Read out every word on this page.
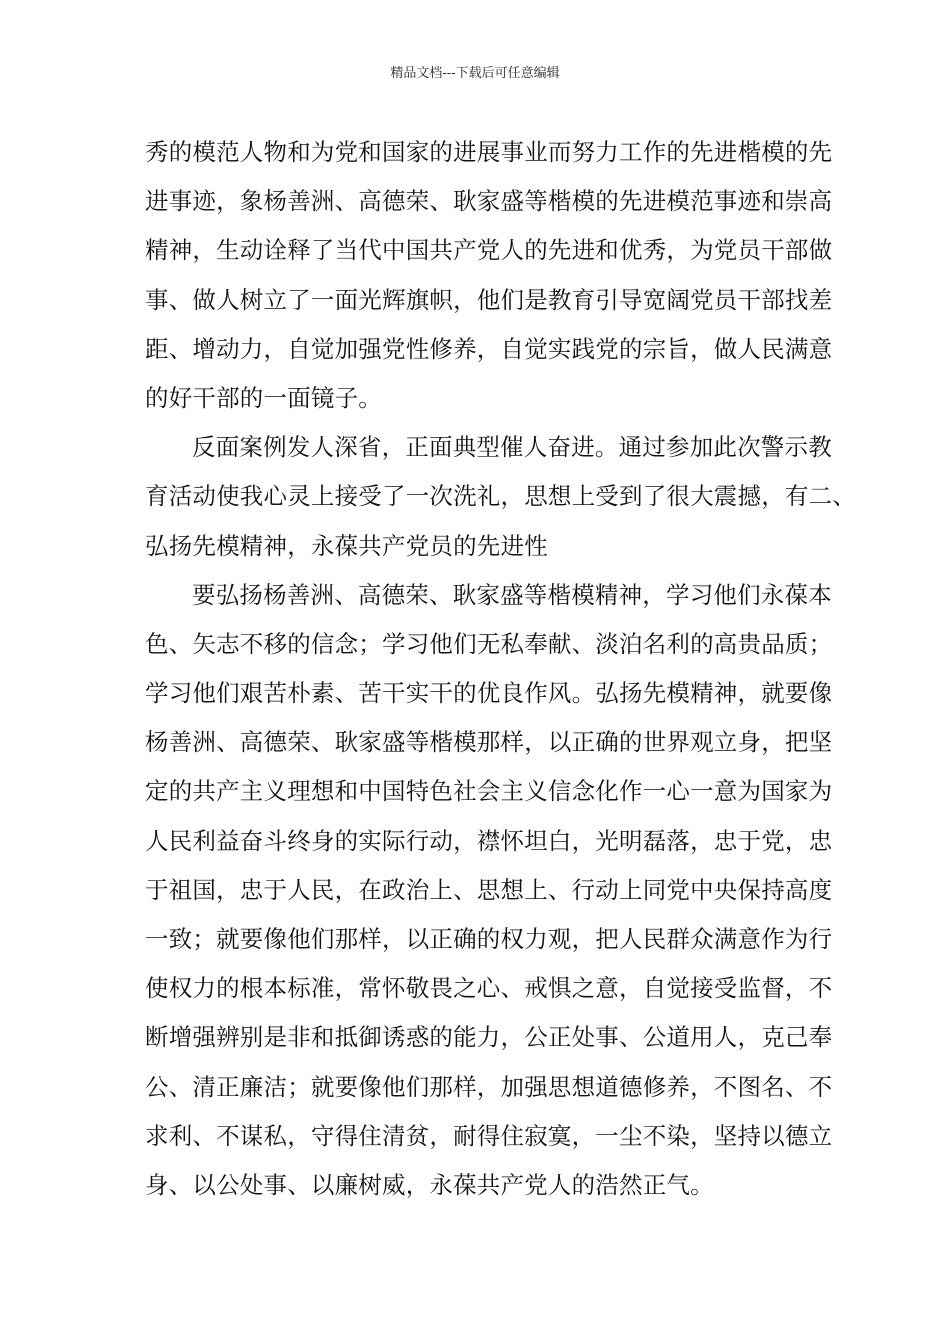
精品文档---下载后可任意编辑
秀的模范人物和为党和国家的进展事业而努力工作的先进楷模的先
进事迹，象杨善洲、高德荣、耿家盛等楷模的先进模范事迹和崇高
精神，生动诠释了当代中国共产党人的先进和优秀，为党员干部做
事、做人树立了一面光辉旗帜，他们是教育引导宽阔党员干部找差
距、增动力，自觉加强党性修养，自觉实践党的宗旨，做人民满意
的好干部的一面镜子。
反面案例发人深省，正面典型催人奋进。通过参加此次警示教
育活动使我心灵上接受了一次洗礼，思想上受到了很大震撼，有二、
弘扬先模精神，永葆共产党员的先进性
要弘扬杨善洲、高德荣、耿家盛等楷模精神，学习他们永葆本
色、矢志不移的信念；学习他们无私奉献、淡泊名利的高贵品质；
学习他们艰苦朴素、苦干实干的优良作风。弘扬先模精神，就要像
杨善洲、高德荣、耿家盛等楷模那样，以正确的世界观立身，把坚
定的共产主义理想和中国特色社会主义信念化作一心一意为国家为
人民利益奋斗终身的实际行动，襟怀坦白，光明磊落，忠于党，忠
于祖国，忠于人民，在政治上、思想上、行动上同党中央保持高度
一致；就要像他们那样，以正确的权力观，把人民群众满意作为行
使权力的根本标准，常怀敬畏之心、戒惧之意，自觉接受监督，不
断增强辨别是非和抵御诱惑的能力，公正处事、公道用人，克己奉
公、清正廉洁；就要像他们那样，加强思想道德修养，不图名、不
求利、不谋私，守得住清贫，耐得住寂寞，一尘不染，坚持以德立
身、以公处事、以廉树威，永葆共产党人的浩然正气。
